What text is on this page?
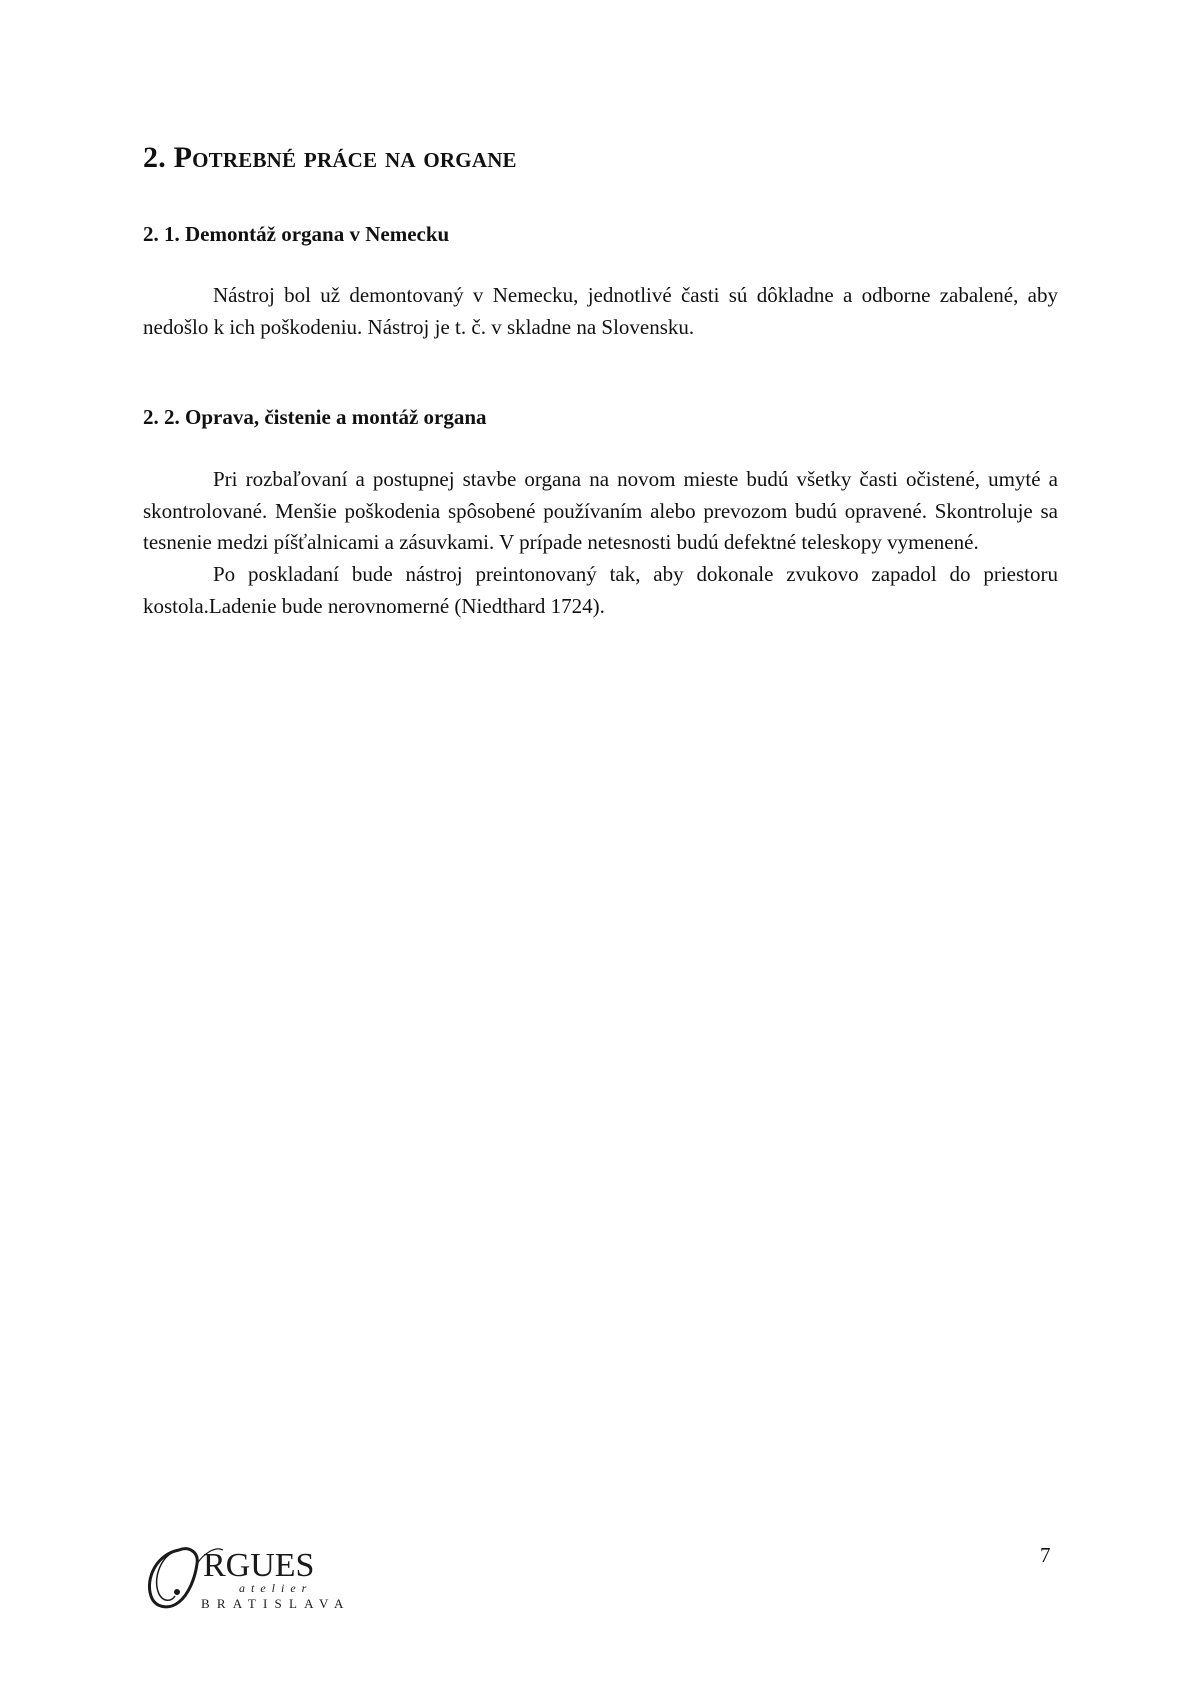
2. Potrebné práce na organe
2. 1. Demontáž organa v Nemecku

Nástroj bol už demontovaný v Nemecku, jednotlivé časti sú dôkladne a odborne zabalené, aby nedošlo k ich poškodeniu. Nástroj je t. č. v skladne na Slovensku.

2. 2. Oprava, čistenie a montáž organa

Pri rozbaľovaní a postupnej stavbe organa na novom mieste budú všetky časti očistené, umyté a skontrolované. Menšie poškodenia spôsobené používaním alebo prevozom budú opravené. Skontroluje sa tesnenie medzi píšťalnicami a zásuvkami. V prípade netesnosti budú defektné teleskopy vymenené.

Po poskladaní bude nástroj preintonovaný tak, aby dokonale zvukovo zapadol do priestoru kostola.Ladenie bude nerovnomerné (Niedthard 1724).

RGUES
atelier
BRATISLAVA
7
